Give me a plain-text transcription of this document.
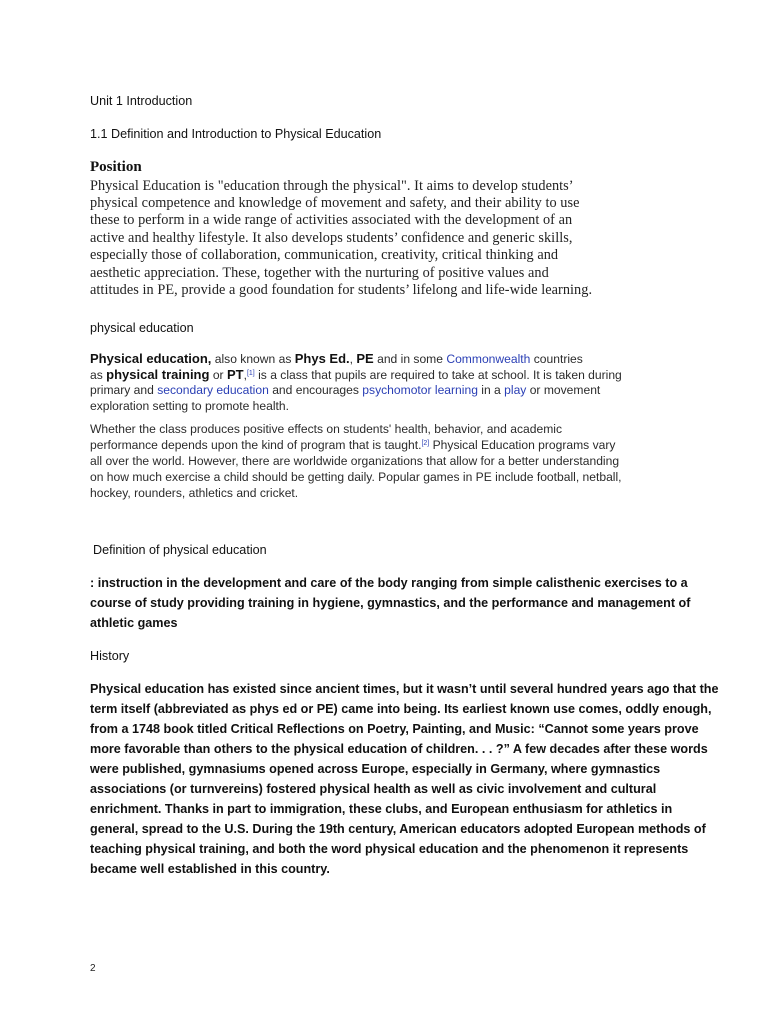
Unit 1 Introduction
1.1 Definition and Introduction to Physical Education
Position
Physical Education is "education through the physical". It aims to develop students’
physical competence and knowledge of movement and safety, and their ability to use
these to perform in a wide range of activities associated with the development of an
active and healthy lifestyle. It also develops students’ confidence and generic skills,
especially those of collaboration, communication, creativity, critical thinking and
aesthetic appreciation. These, together with the nurturing of positive values and
attitudes in PE, provide a good foundation for students’ lifelong and life-wide learning.
physical education
Physical education, also known as Phys Ed., PE and in some Commonwealth countries
as physical training or PT,[1] is a class that pupils are required to take at school. It is taken during
primary and secondary education and encourages psychomotor learning in a play or movement
exploration setting to promote health.
Whether the class produces positive effects on students' health, behavior, and academic
performance depends upon the kind of program that is taught.[2] Physical Education programs vary
all over the world. However, there are worldwide organizations that allow for a better understanding
on how much exercise a child should be getting daily. Popular games in PE include football, netball,
hockey, rounders, athletics and cricket.
Definition of physical education
: instruction in the development and care of the body ranging from simple calisthenic exercises to a
course of study providing training in hygiene, gymnastics, and the performance and management of
athletic games
History
Physical education has existed since ancient times, but it wasn’t until several hundred years ago that the
term itself (abbreviated as phys ed or PE) came into being. Its earliest known use comes, oddly enough,
from a 1748 book titled Critical Reflections on Poetry, Painting, and Music: “Cannot some years prove
more favorable than others to the physical education of children. . . ?” A few decades after these words
were published, gymnasiums opened across Europe, especially in Germany, where gymnastics
associations (or turnvereins) fostered physical health as well as civic involvement and cultural
enrichment. Thanks in part to immigration, these clubs, and European enthusiasm for athletics in
general, spread to the U.S. During the 19th century, American educators adopted European methods of
teaching physical training, and both the word physical education and the phenomenon it represents
became well established in this country.
2
